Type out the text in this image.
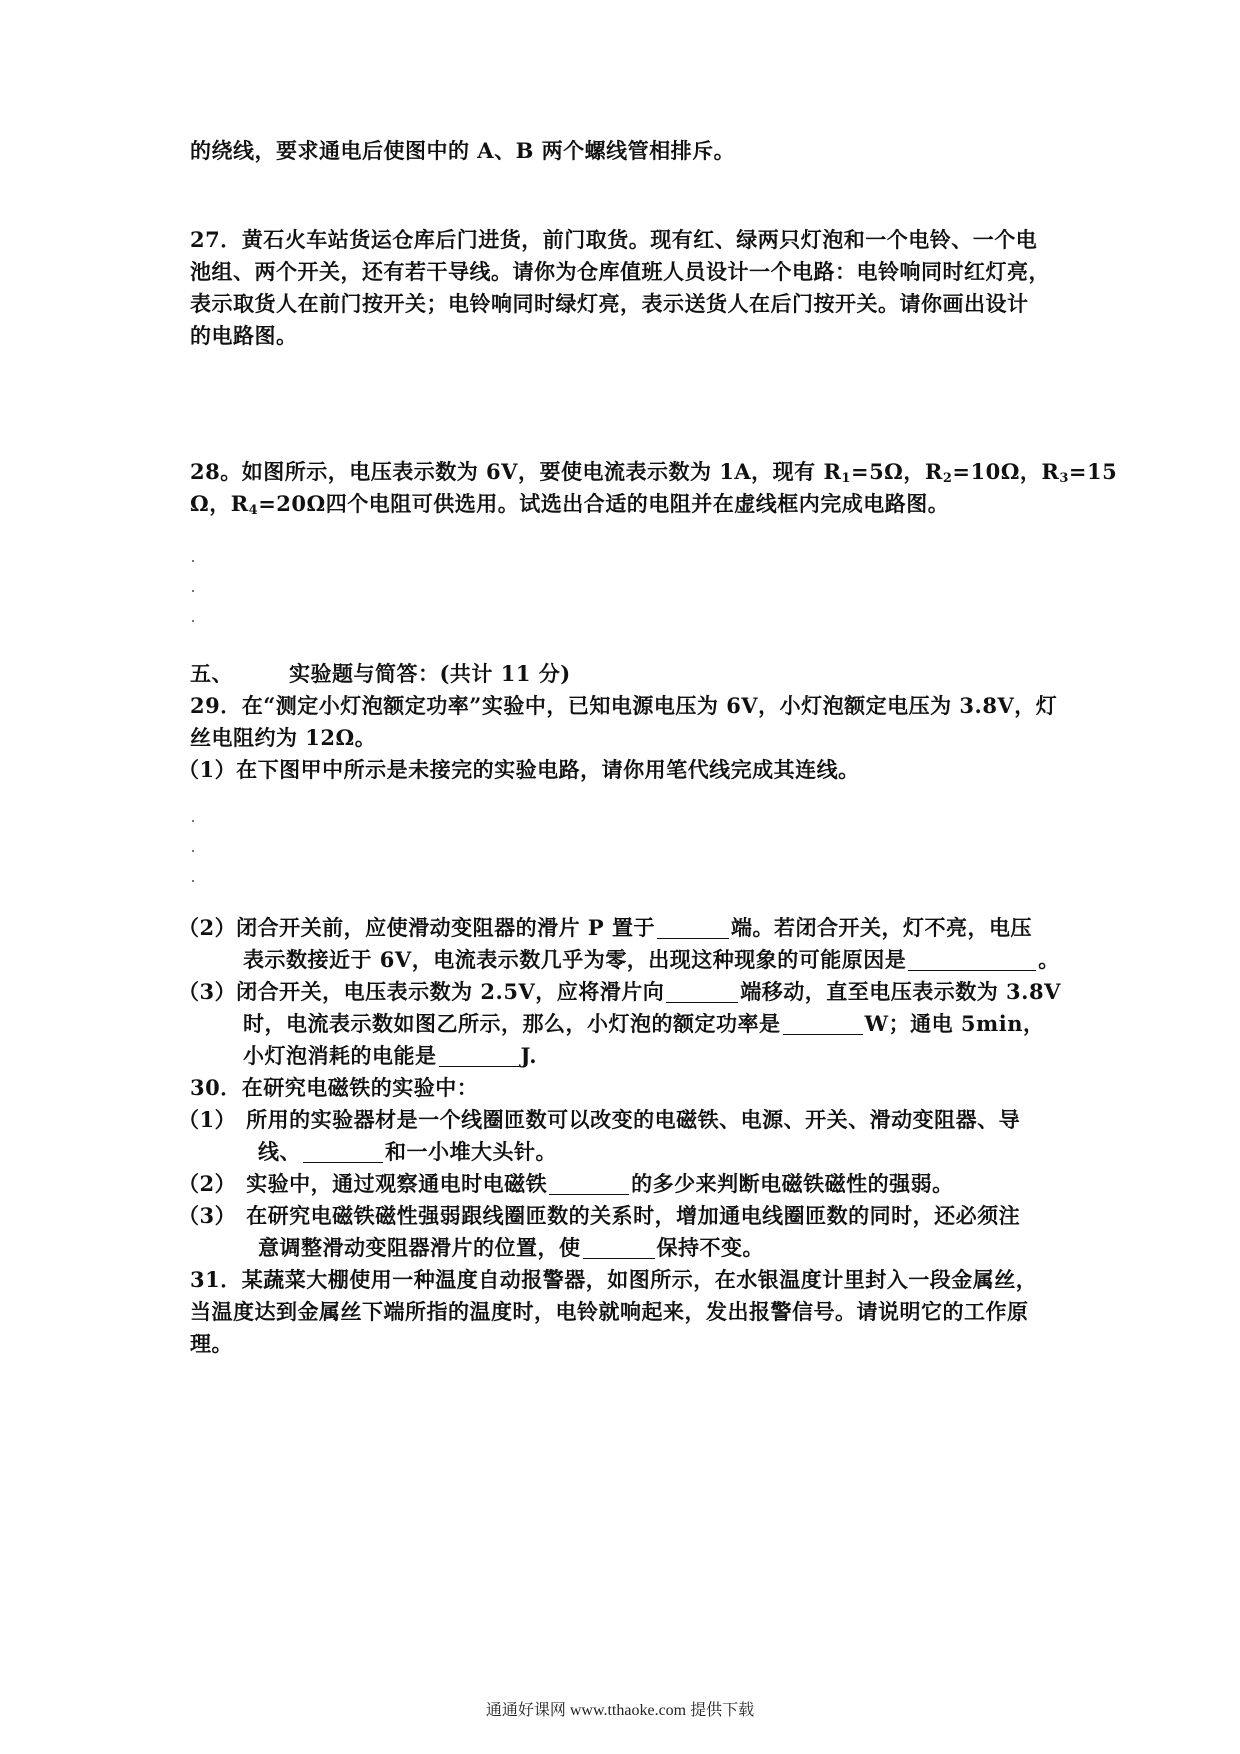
的绕线，要求通电后使图中的 A、B 两个螺线管相排斥。
27．黄石火车站货运仓库后门进货，前门取货。现有红、绿两只灯泡和一个电铃、一个电
池组、两个开关，还有若干导线。请你为仓库值班人员设计一个电路：电铃响同时红灯亮，
表示取货人在前门按开关；电铃响同时绿灯亮，表示送货人在后门按开关。请你画出设计
的电路图。
28。如图所示，电压表示数为 6V，要使电流表示数为 1A，现有 $R_1=5\Omega$，$R_2=10\Omega$，$R_3=15$
Ω，$R_4=20\Omega$四个电阻可供选用。试选出合适的电阻并在虚线框内完成电路图。
五、	实验题与简答：(共计 11 分)
29．在“测定小灯泡额定功率”实验中，已知电源电压为 6V，小灯泡额定电压为 3.8V，灯
丝电阻约为 12Ω。
（1）在下图甲中所示是未接完的实验电路，请你用笔代线完成其连线。
（2）闭合开关前，应使滑动变阻器的滑片 P 置于	端。若闭合开关，灯不亮，电压
表示数接近于 6V，电流表示数几乎为零，出现这种现象的可能原因是	。
（3）闭合开关，电压表示数为 2.5V，应将滑片向	端移动，直至电压表示数为 3.8V
时，电流表示数如图乙所示，那么，小灯泡的额定功率是	W；通电 5min，
小灯泡消耗的电能是	J.
30．在研究电磁铁的实验中：
（1） 所用的实验器材是一个线圈匝数可以改变的电磁铁、电源、开关、滑动变阻器、导
线、	和一小堆大头针。
（2） 实验中，通过观察通电时电磁铁	的多少来判断电磁铁磁性的强弱。
（3） 在研究电磁铁磁性强弱跟线圈匝数的关系时，增加通电线圈匝数的同时，还必须注
意调整滑动变阻器滑片的位置，使	保持不变。
31．某蔬菜大棚使用一种温度自动报警器，如图所示，在水银温度计里封入一段金属丝，
当温度达到金属丝下端所指的温度时，电铃就响起来，发出报警信号。请说明它的工作原
理。
通通好课网 www.tthaoke.com 提供下载
